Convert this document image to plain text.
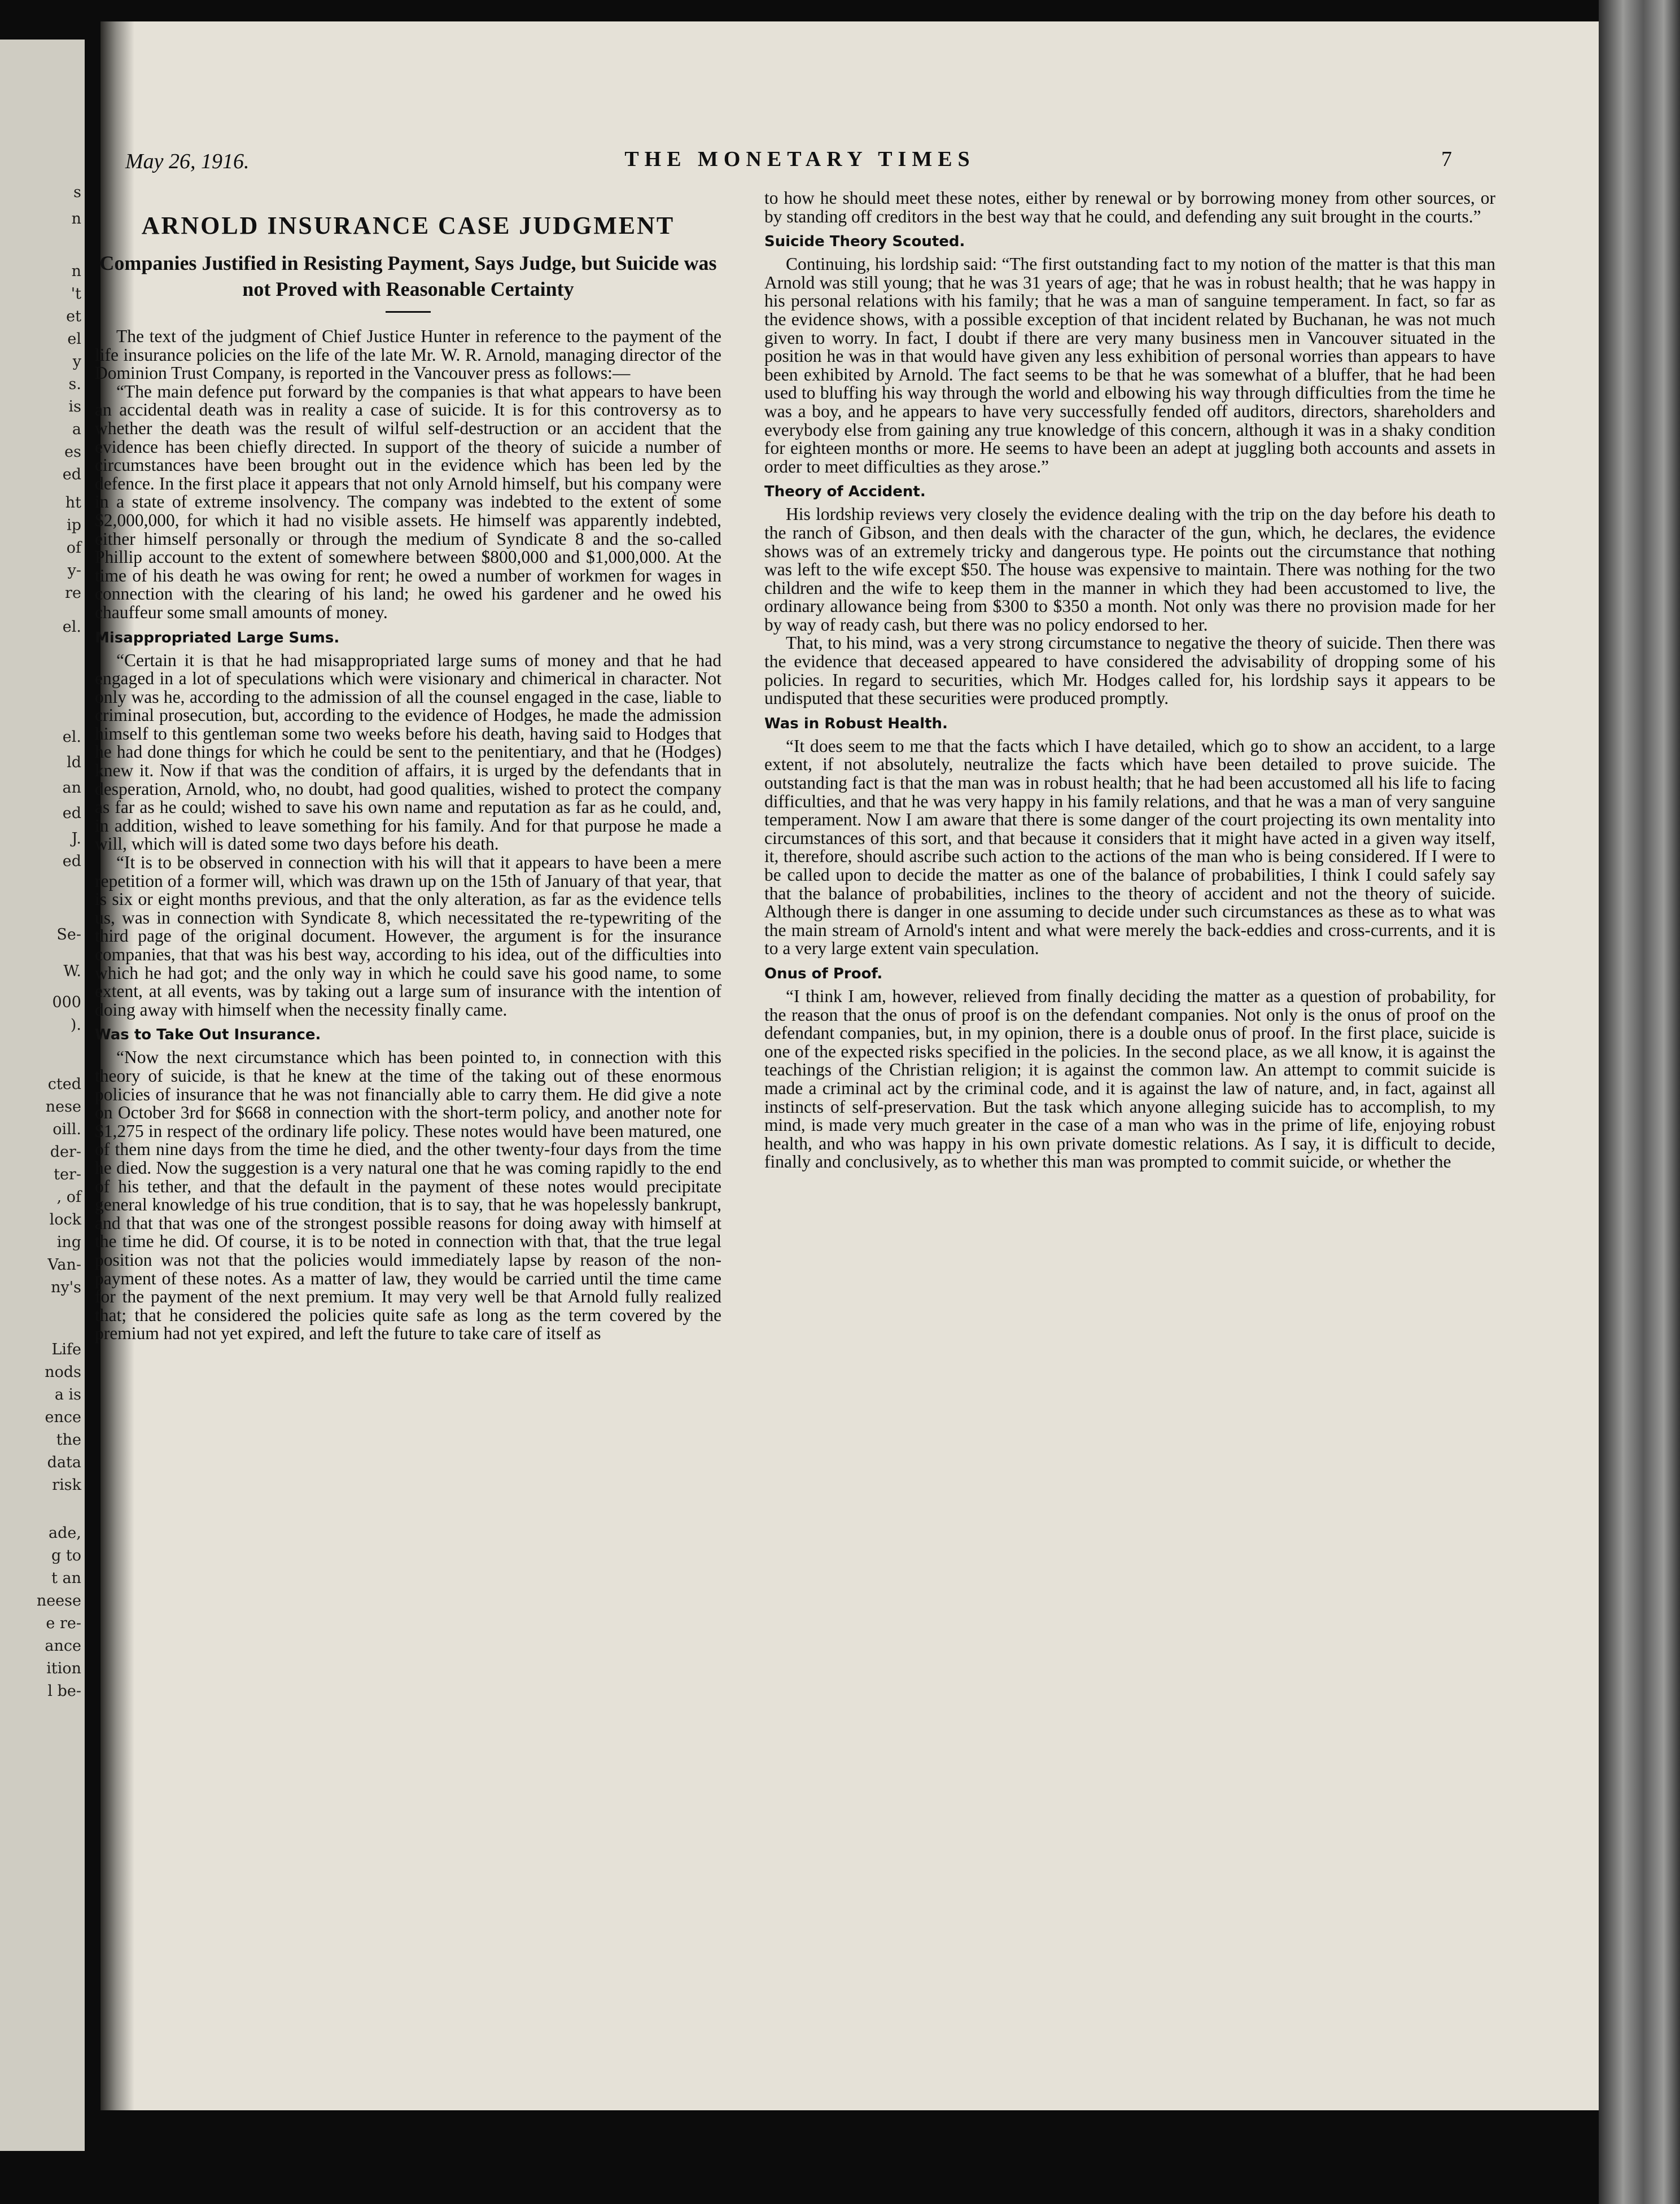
s
n
n
't
et
el
y
s.
is
a
es
ed
ht
ip
of
y-
re
el.
el.
ld
an
ed
J.
ed
Se-
W.
000
).
cted
nese
oill.
der-
ter-
, of
lock
ing
Van-
ny's
Life
nods
a is
ence
the
data
risk
ade,
g to
t an
neese
e re-
ance
ition
l be-
May 26, 1916.	THE MONETARY TIMES	7
ARNOLD INSURANCE CASE JUDGMENT
Companies Justified in Resisting Payment, Says Judge, but Suicide was not Proved with Reasonable Certainty

The text of the judgment of Chief Justice Hunter in reference to the payment of the life insurance policies on the life of the late Mr. W. R. Arnold, managing director of the Dominion Trust Company, is reported in the Vancouver press as follows:—

“The main defence put forward by the companies is that what appears to have been an accidental death was in reality a case of suicide. It is for this controversy as to whether the death was the result of wilful self-destruction or an accident that the evidence has been chiefly directed. In support of the theory of suicide a number of circumstances have been brought out in the evidence which has been led by the defence. In the first place it appears that not only Arnold himself, but his company were in a state of extreme insolvency. The company was indebted to the extent of some $2,000,000, for which it had no visible assets. He himself was apparently indebted, either himself personally or through the medium of Syndicate 8 and the so-called Phillip account to the extent of somewhere between $800,000 and $1,000,000. At the time of his death he was owing for rent; he owed a number of workmen for wages in connection with the clearing of his land; he owed his gardener and he owed his chauffeur some small amounts of money.

Misappropriated Large Sums.

“Certain it is that he had misappropriated large sums of money and that he had engaged in a lot of speculations which were visionary and chimerical in character. Not only was he, according to the admission of all the counsel engaged in the case, liable to criminal prosecution, but, according to the evidence of Hodges, he made the admission himself to this gentleman some two weeks before his death, having said to Hodges that he had done things for which he could be sent to the penitentiary, and that he (Hodges) knew it. Now if that was the condition of affairs, it is urged by the defendants that in desperation, Arnold, who, no doubt, had good qualities, wished to protect the company as far as he could; wished to save his own name and reputation as far as he could, and, in addition, wished to leave something for his family. And for that purpose he made a will, which will is dated some two days before his death.

“It is to be observed in connection with his will that it appears to have been a mere repetition of a former will, which was drawn up on the 15th of January of that year, that is six or eight months previous, and that the only alteration, as far as the evidence tells us, was in connection with Syndicate 8, which necessitated the re-typewriting of the third page of the original document. However, the argument is for the insurance companies, that that was his best way, according to his idea, out of the difficulties into which he had got; and the only way in which he could save his good name, to some extent, at all events, was by taking out a large sum of insurance with the intention of doing away with himself when the necessity finally came.

Was to Take Out Insurance.

“Now the next circumstance which has been pointed to, in connection with this theory of suicide, is that he knew at the time of the taking out of these enormous policies of insurance that he was not financially able to carry them. He did give a note on October 3rd for $668 in connection with the short-term policy, and another note for $1,275 in respect of the ordinary life policy. These notes would have been matured, one of them nine days from the time he died, and the other twenty-four days from the time he died. Now the suggestion is a very natural one that he was coming rapidly to the end of his tether, and that the default in the payment of these notes would precipitate general knowledge of his true condition, that is to say, that he was hopelessly bankrupt, and that that was one of the strongest possible reasons for doing away with himself at the time he did. Of course, it is to be noted in connection with that, that the true legal position was not that the policies would immediately lapse by reason of the non-payment of these notes. As a matter of law, they would be carried until the time came for the payment of the next premium. It may very well be that Arnold fully realized that; that he considered the policies quite safe as long as the term covered by the premium had not yet expired, and left the future to take care of itself as

to how he should meet these notes, either by renewal or by borrowing money from other sources, or by standing off creditors in the best way that he could, and defending any suit brought in the courts.”

Suicide Theory Scouted.

Continuing, his lordship said: “The first outstanding fact to my notion of the matter is that this man Arnold was still young; that he was 31 years of age; that he was in robust health; that he was happy in his personal relations with his family; that he was a man of sanguine temperament. In fact, so far as the evidence shows, with a possible exception of that incident related by Buchanan, he was not much given to worry. In fact, I doubt if there are very many business men in Vancouver situated in the position he was in that would have given any less exhibition of personal worries than appears to have been exhibited by Arnold. The fact seems to be that he was somewhat of a bluffer, that he had been used to bluffing his way through the world and elbowing his way through difficulties from the time he was a boy, and he appears to have very successfully fended off auditors, directors, shareholders and everybody else from gaining any true knowledge of this concern, although it was in a shaky condition for eighteen months or more. He seems to have been an adept at juggling both accounts and assets in order to meet difficulties as they arose.”

Theory of Accident.

His lordship reviews very closely the evidence dealing with the trip on the day before his death to the ranch of Gibson, and then deals with the character of the gun, which, he declares, the evidence shows was of an extremely tricky and dangerous type. He points out the circumstance that nothing was left to the wife except $50. The house was expensive to maintain. There was nothing for the two children and the wife to keep them in the manner in which they had been accustomed to live, the ordinary allowance being from $300 to $350 a month. Not only was there no provision made for her by way of ready cash, but there was no policy endorsed to her.

That, to his mind, was a very strong circumstance to negative the theory of suicide. Then there was the evidence that deceased appeared to have considered the advisability of dropping some of his policies. In regard to securities, which Mr. Hodges called for, his lordship says it appears to be undisputed that these securities were produced promptly.

Was in Robust Health.

“It does seem to me that the facts which I have detailed, which go to show an accident, to a large extent, if not absolutely, neutralize the facts which have been detailed to prove suicide. The outstanding fact is that the man was in robust health; that he had been accustomed all his life to facing difficulties, and that he was very happy in his family relations, and that he was a man of very sanguine temperament. Now I am aware that there is some danger of the court projecting its own mentality into circumstances of this sort, and that because it considers that it might have acted in a given way itself, it, therefore, should ascribe such action to the actions of the man who is being considered. If I were to be called upon to decide the matter as one of the balance of probabilities, I think I could safely say that the balance of probabilities, inclines to the theory of accident and not the theory of suicide. Although there is danger in one assuming to decide under such circumstances as these as to what was the main stream of Arnold's intent and what were merely the back-eddies and cross-currents, and it is to a very large extent vain speculation.

Onus of Proof.

“I think I am, however, relieved from finally deciding the matter as a question of probability, for the reason that the onus of proof is on the defendant companies. Not only is the onus of proof on the defendant companies, but, in my opinion, there is a double onus of proof. In the first place, suicide is one of the expected risks specified in the policies. In the second place, as we all know, it is against the teachings of the Christian religion; it is against the common law. An attempt to commit suicide is made a criminal act by the criminal code, and it is against the law of nature, and, in fact, against all instincts of self-preservation. But the task which anyone alleging suicide has to accomplish, to my mind, is made very much greater in the case of a man who was in the prime of life, enjoying robust health, and who was happy in his own private domestic relations. As I say, it is difficult to decide, finally and conclusively, as to whether this man was prompted to commit suicide, or whether the
